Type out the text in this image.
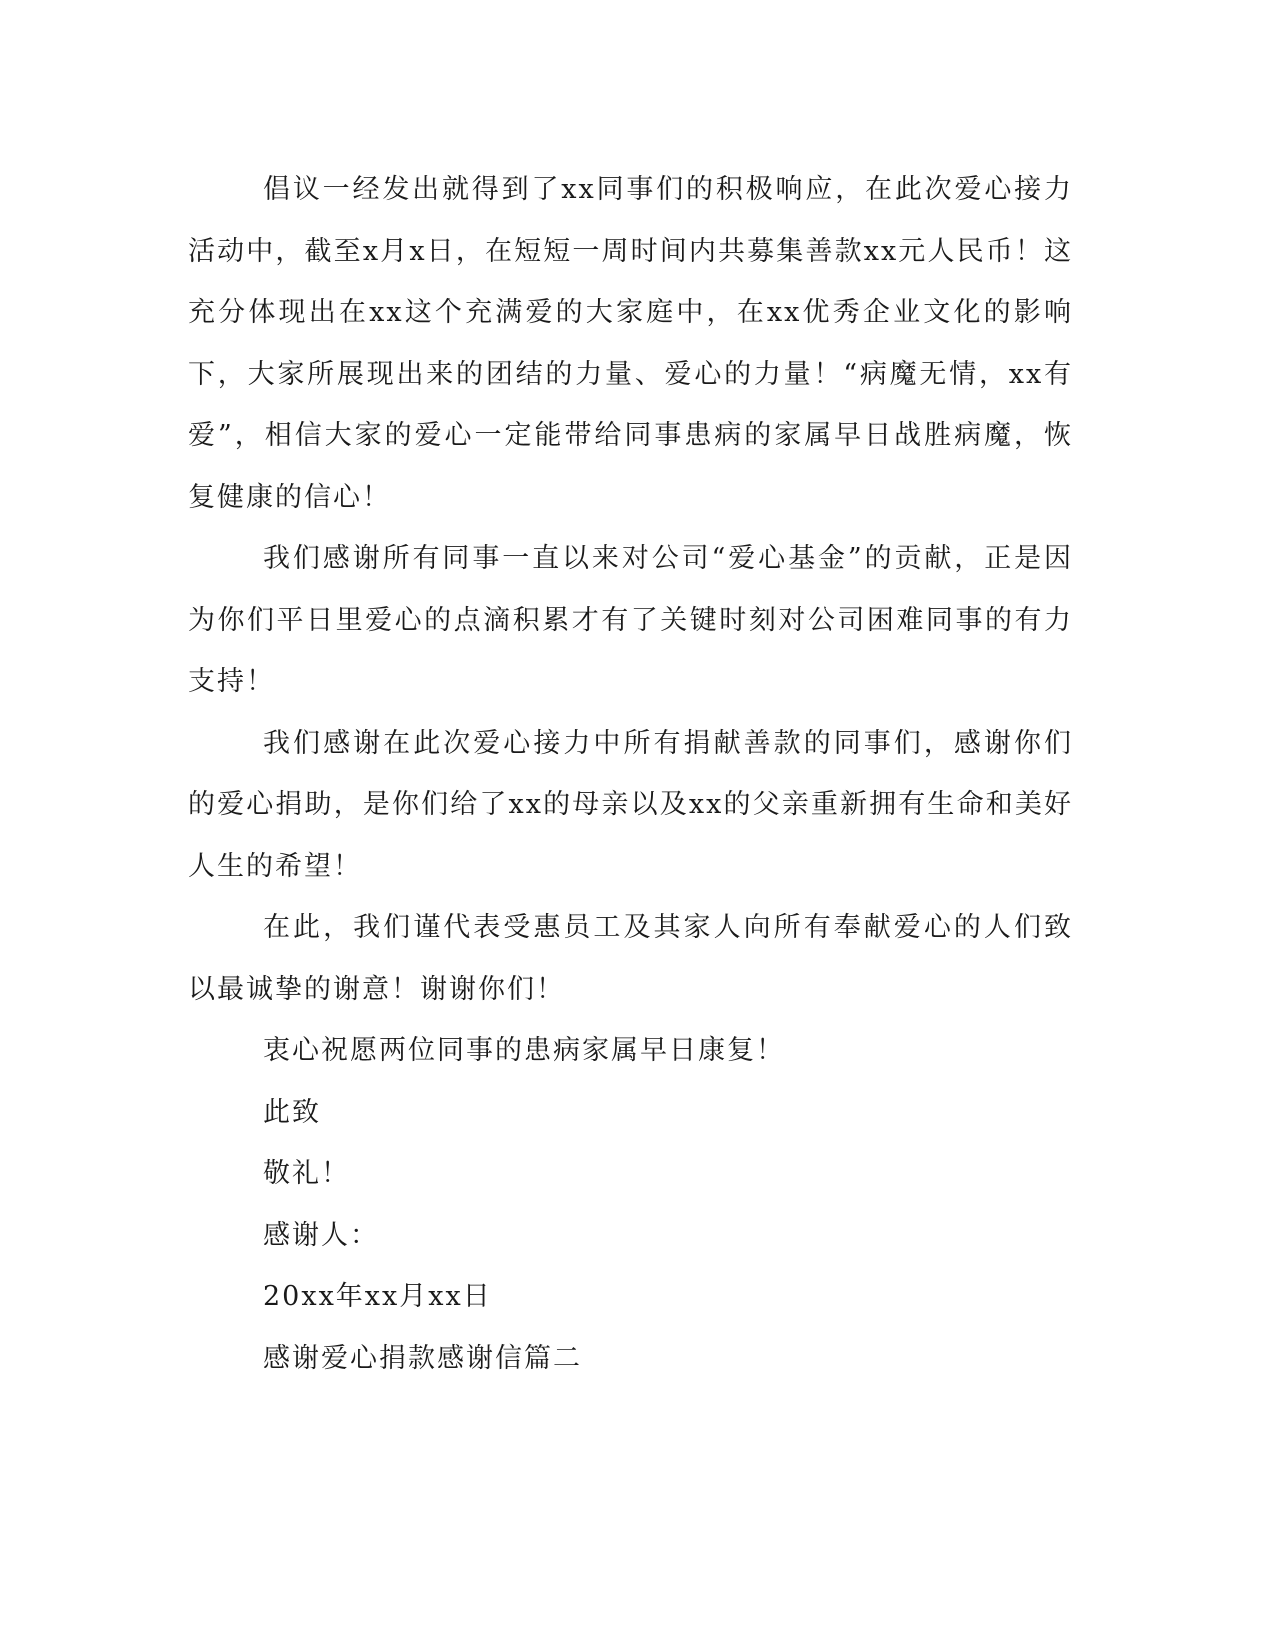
倡议一经发出就得到了xx同事们的积极响应，在此次爱心接力活动中，截至x月x日，在短短一周时间内共募集善款xx元人民币！这充分体现出在xx这个充满爱的大家庭中，在xx优秀企业文化的影响下，大家所展现出来的团结的力量、爱心的力量！“病魔无情，xx有爱”，相信大家的爱心一定能带给同事患病的家属早日战胜病魔，恢复健康的信心！

我们感谢所有同事一直以来对公司“爱心基金”的贡献，正是因为你们平日里爱心的点滴积累才有了关键时刻对公司困难同事的有力支持！

我们感谢在此次爱心接力中所有捐献善款的同事们，感谢你们的爱心捐助，是你们给了xx的母亲以及xx的父亲重新拥有生命和美好人生的希望！

在此，我们谨代表受惠员工及其家人向所有奉献爱心的人们致以最诚挚的谢意！谢谢你们！

衷心祝愿两位同事的患病家属早日康复！

此致

敬礼！

感谢人：

20xx年xx月xx日

感谢爱心捐款感谢信篇二
